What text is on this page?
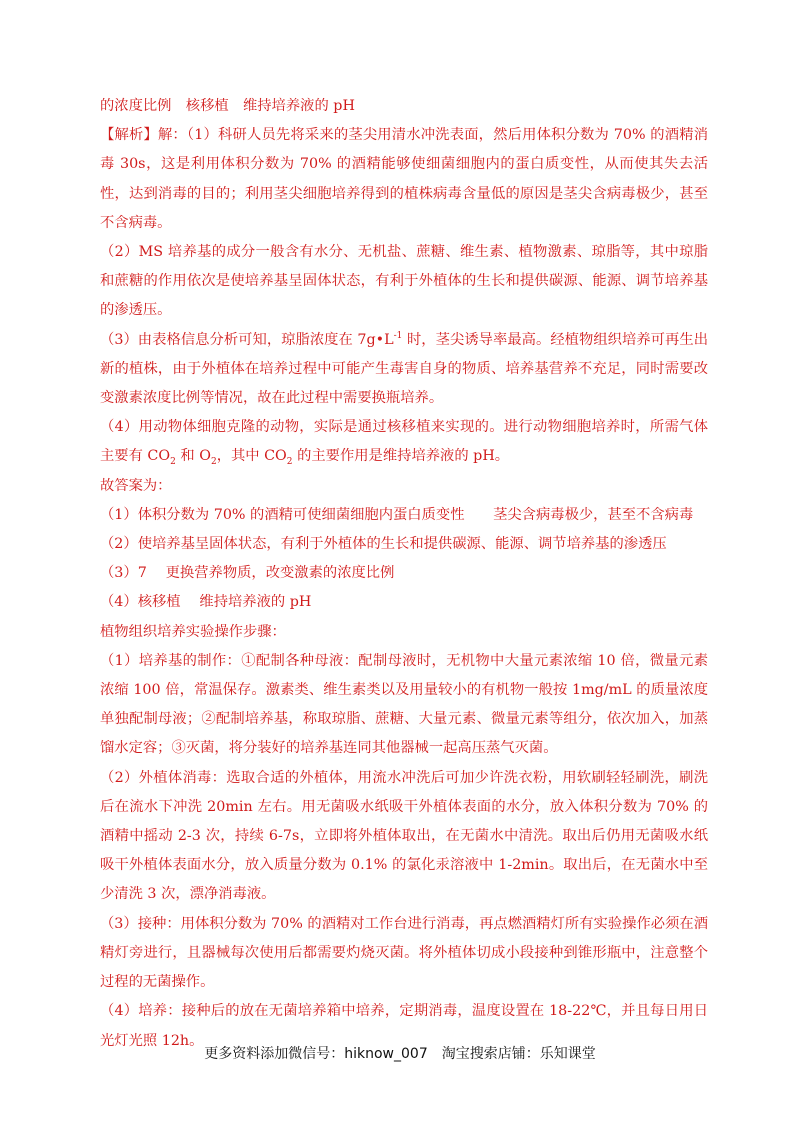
的浓度比例　核移植　维持培养液的 pH

【解析】解：（1）科研人员先将采来的茎尖用清水冲洗表面，然后用体积分数为 70% 的酒精消毒 30s，这是利用体积分数为 70% 的酒精能够使细菌细胞内的蛋白质变性，从而使其失去活性，达到消毒的目的；利用茎尖细胞培养得到的植株病毒含量低的原因是茎尖含病毒极少，甚至不含病毒。

（2）MS 培养基的成分一般含有水分、无机盐、蔗糖、维生素、植物激素、琼脂等，其中琼脂和蔗糖的作用依次是使培养基呈固体状态，有利于外植体的生长和提供碳源、能源、调节培养基的渗透压。

（3）由表格信息分析可知，琼脂浓度在 $7g•L^{-1}$ 时，茎尖诱导率最高。经植物组织培养可再生出新的植株，由于外植体在培养过程中可能产生毒害自身的物质、培养基营养不充足，同时需要改变激素浓度比例等情况，故在此过程中需要换瓶培养。

（4）用动物体细胞克隆的动物，实际是通过核移植来实现的。进行动物细胞培养时，所需气体主要有 $CO_2$ 和 $O_2$，其中 $CO_2$ 的主要作用是维持培养液的 pH。

故答案为：

（1）体积分数为 70% 的酒精可使细菌细胞内蛋白质变性　　茎尖含病毒极少，甚至不含病毒

（2）使培养基呈固体状态，有利于外植体的生长和提供碳源、能源、调节培养基的渗透压

（3）7　 更换营养物质，改变激素的浓度比例

（4）核移植　 维持培养液的 pH

植物组织培养实验操作步骤：

（1）培养基的制作：①配制各种母液：配制母液时，无机物中大量元素浓缩 10 倍，微量元素浓缩 100 倍，常温保存。激素类、维生素类以及用量较小的有机物一般按 1mg/mL 的质量浓度单独配制母液；②配制培养基，称取琼脂、蔗糖、大量元素、微量元素等组分，依次加入，加蒸馏水定容；③灭菌，将分装好的培养基连同其他器械一起高压蒸气灭菌。

（2）外植体消毒：选取合适的外植体，用流水冲洗后可加少许洗衣粉，用软刷轻轻刷洗，刷洗后在流水下冲洗 20min 左右。用无菌吸水纸吸干外植体表面的水分，放入体积分数为 70% 的酒精中摇动 2-3 次，持续 6-7s，立即将外植体取出，在无菌水中清洗。取出后仍用无菌吸水纸吸干外植体表面水分，放入质量分数为 0.1% 的氯化汞溶液中 1-2min。取出后，在无菌水中至少清洗 3 次，漂净消毒液。

（3）接种：用体积分数为 70% 的酒精对工作台进行消毒，再点燃酒精灯所有实验操作必须在酒精灯旁进行，且器械每次使用后都需要灼烧灭菌。将外植体切成小段接种到锥形瓶中，注意整个过程的无菌操作。

（4）培养：接种后的放在无菌培养箱中培养，定期消毒，温度设置在 18-22℃，并且每日用日光灯光照 12h。

更多资料添加微信号：hiknow_007　淘宝搜索店铺：乐知课堂
